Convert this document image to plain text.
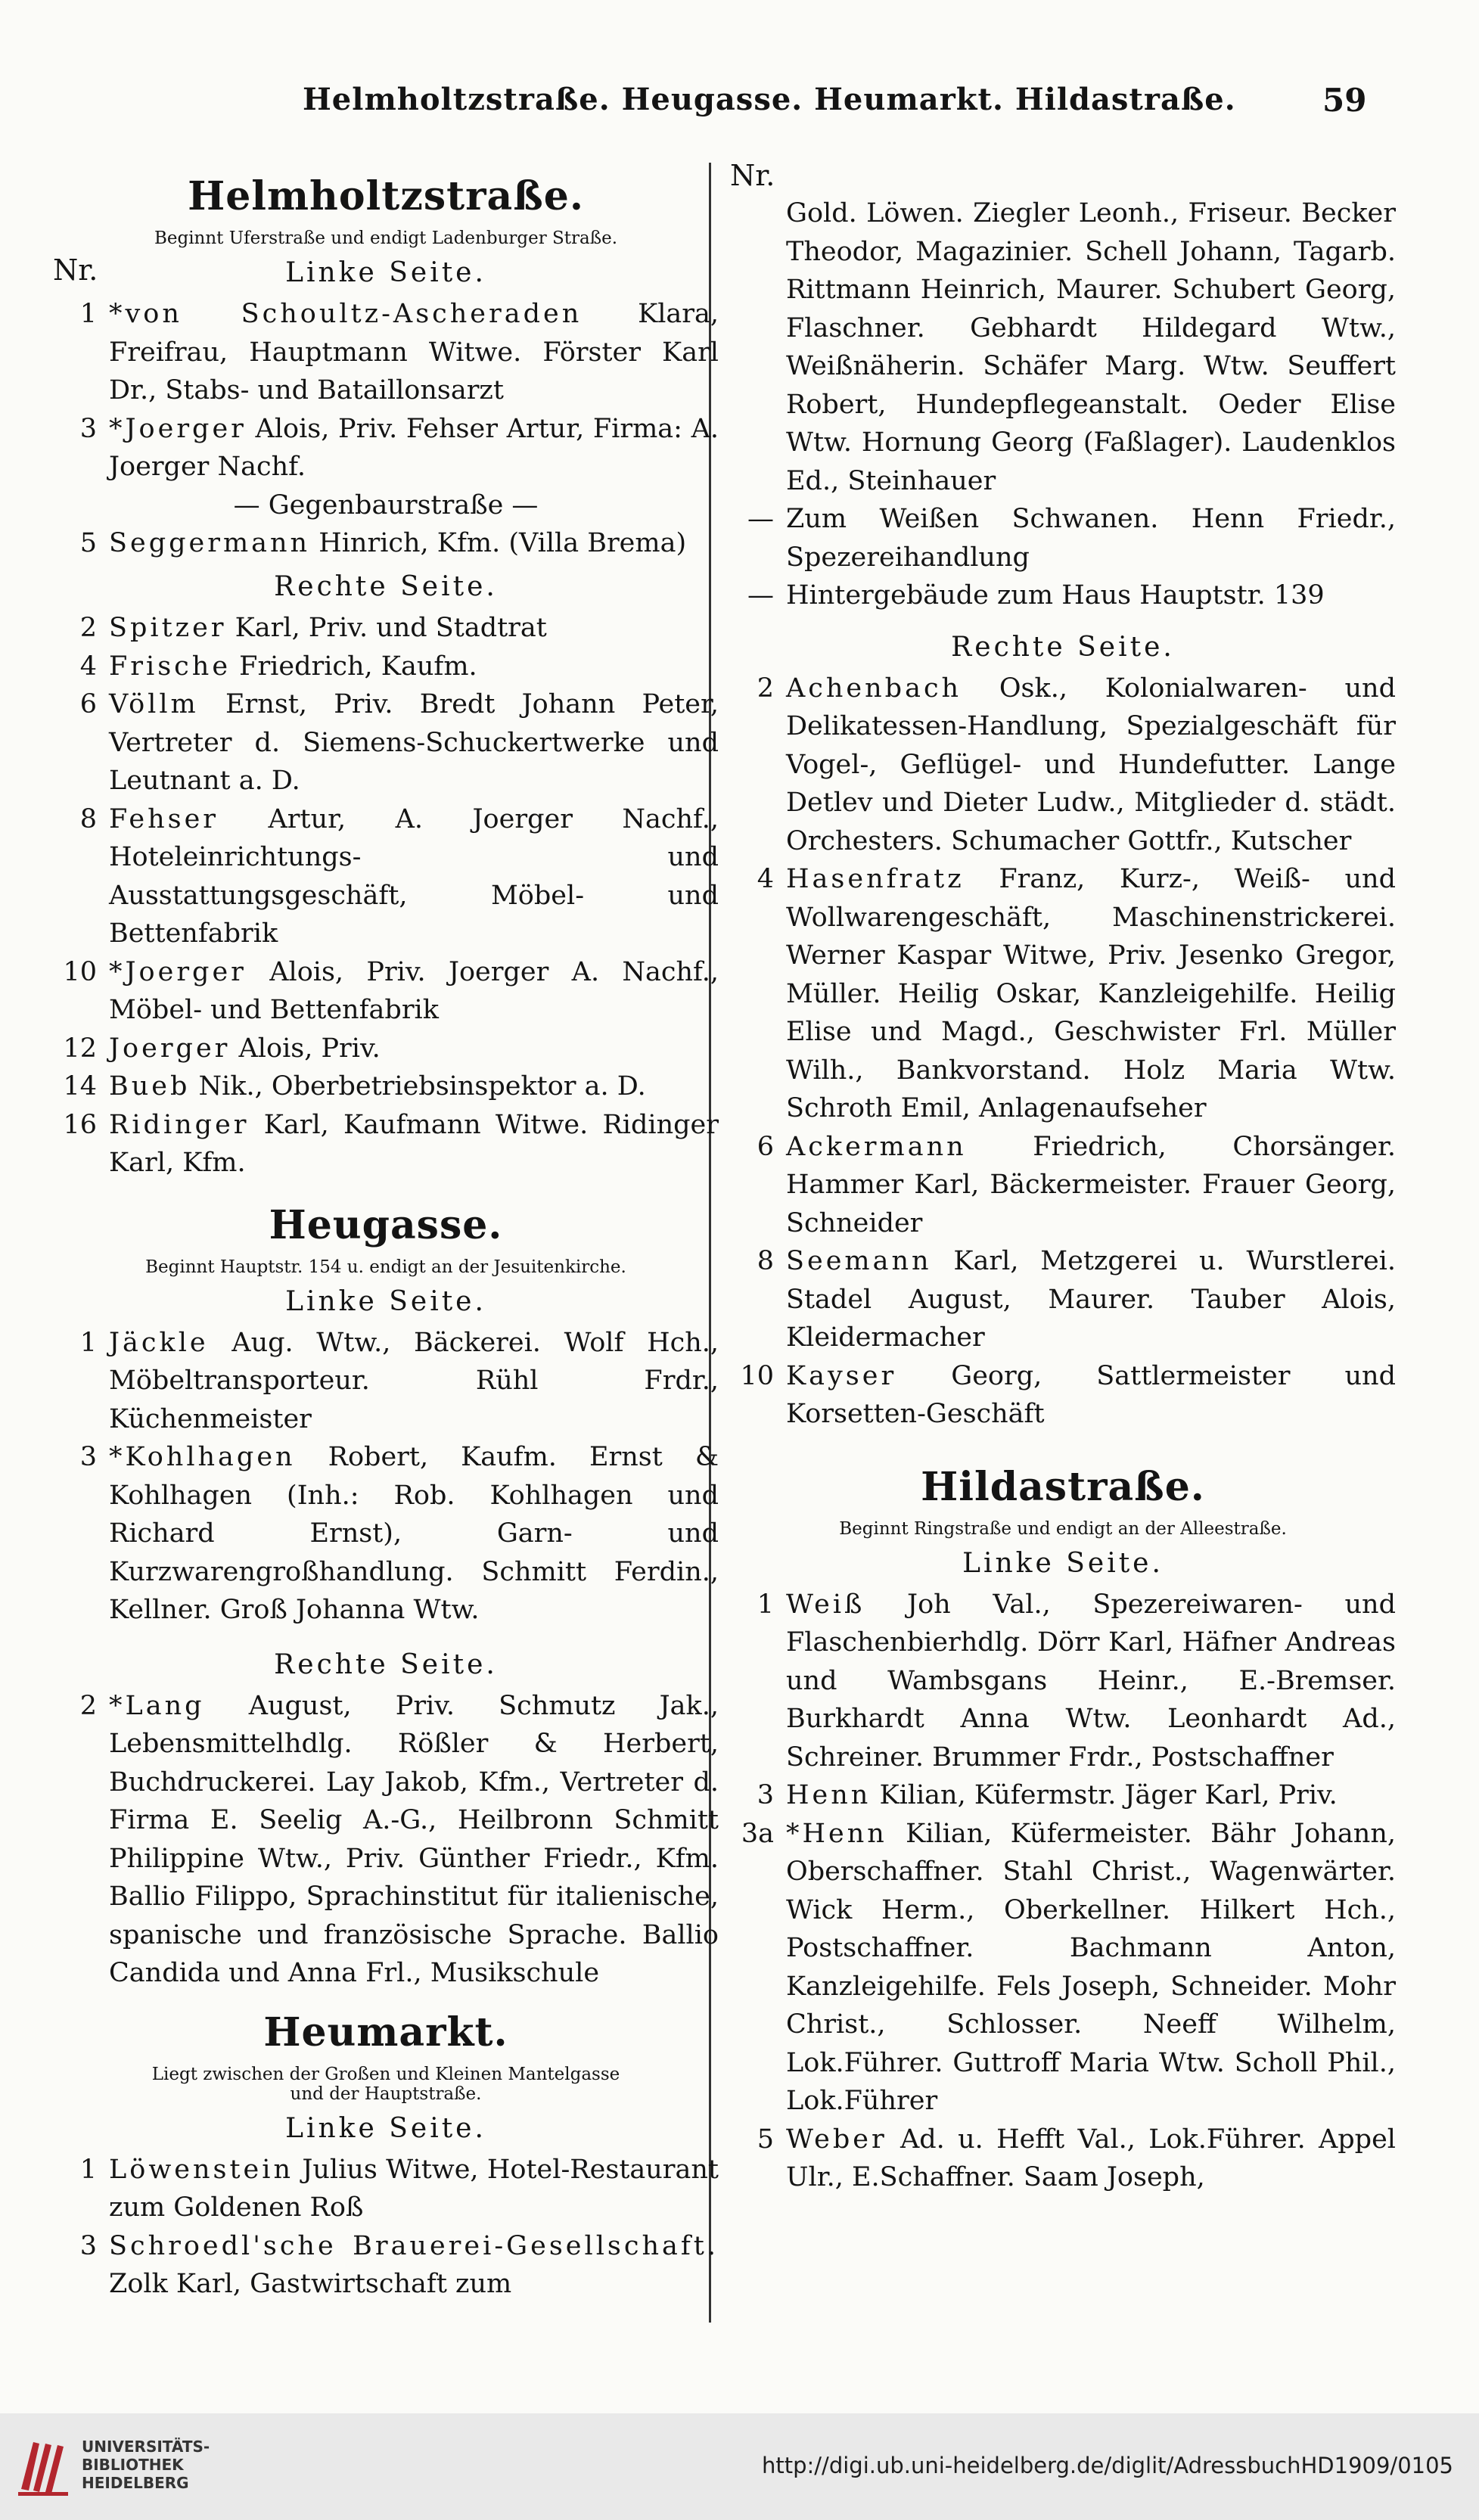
Helmholtzstraße. Heugasse. Heumarkt. Hildastraße.	59
Helmholtzstraße.
Beginnt Uferstraße und endigt Ladenburger Straße.
Nr.	Linke Seite.
1 *von Schoultz-Ascheraden Klara, Freifrau, Hauptmann Witwe. Förster Karl Dr., Stabs- und Bataillonsarzt
3 *Joerger Alois, Priv. Fehser Artur, Firma: A. Joerger Nachf.
— Gegenbaurstraße —
5 Seggermann Hinrich, Kfm. (Villa Brema)
Rechte Seite.
2 Spitzer Karl, Priv. und Stadtrat
4 Frische Friedrich, Kaufm.
6 Völlm Ernst, Priv. Bredt Johann Peter, Vertreter d. Siemens-Schuckertwerke und Leutnant a. D.
8 Fehser Artur, A. Joerger Nachf., Hoteleinrichtungs- und Ausstattungsgeschäft, Möbel- und Bettenfabrik
10 *Joerger Alois, Priv. Joerger A. Nachf., Möbel- und Bettenfabrik
12 Joerger Alois, Priv.
14 Bueb Nik., Oberbetriebsinspektor a. D.
16 Ridinger Karl, Kaufmann Witwe. Ridinger Karl, Kfm.
Heugasse.
Beginnt Hauptstr. 154 u. endigt an der Jesuitenkirche.
Linke Seite.
1 Jäckle Aug. Wtw., Bäckerei. Wolf Hch., Möbeltransporteur. Rühl Frdr., Küchenmeister
3 *Kohlhagen Robert, Kaufm. Ernst & Kohlhagen (Inh.: Rob. Kohlhagen und Richard Ernst), Garn- und Kurzwarengroßhandlung. Schmitt Ferdin., Kellner. Groß Johanna Wtw.
Rechte Seite.
2 *Lang August, Priv. Schmutz Jak., Lebensmittelhdlg. Rößler & Herbert, Buchdruckerei. Lay Jakob, Kfm., Vertreter d. Firma E. Seelig A.-G., Heilbronn Schmitt Philippine Wtw., Priv. Günther Friedr., Kfm. Ballio Filippo, Sprachinstitut für italienische, spanische und französische Sprache. Ballio Candida und Anna Frl., Musikschule
Heumarkt.
Liegt zwischen der Großen und Kleinen Mantelgasse
und der Hauptstraße.
Linke Seite.
1 Löwenstein Julius Witwe, Hotel-Restaurant zum Goldenen Roß
3 Schroedl'sche Brauerei-Gesellschaft. Zolk Karl, Gastwirtschaft zum
Nr.
Gold. Löwen. Ziegler Leonh., Friseur. Becker Theodor, Magazinier. Schell Johann, Tagarb. Rittmann Heinrich, Maurer. Schubert Georg, Flaschner. Gebhardt Hildegard Wtw., Weißnäherin. Schäfer Marg. Wtw. Seuffert Robert, Hundepflegeanstalt. Oeder Elise Wtw. Hornung Georg (Faßlager). Laudenklos Ed., Steinhauer
— Zum Weißen Schwanen. Henn Friedr., Spezereihandlung
— Hintergebäude zum Haus Hauptstr. 139
Rechte Seite.
2 Achenbach Osk., Kolonialwaren- und Delikatessen-Handlung, Spezialgeschäft für Vogel-, Geflügel- und Hundefutter. Lange Detlev und Dieter Ludw., Mitglieder d. städt. Orchesters. Schumacher Gottfr., Kutscher
4 Hasenfratz Franz, Kurz-, Weiß- und Wollwarengeschäft, Maschinenstrickerei. Werner Kaspar Witwe, Priv. Jesenko Gregor, Müller. Heilig Oskar, Kanzleigehilfe. Heilig Elise und Magd., Geschwister Frl. Müller Wilh., Bankvorstand. Holz Maria Wtw. Schroth Emil, Anlagenaufseher
6 Ackermann Friedrich, Chorsänger. Hammer Karl, Bäckermeister. Frauer Georg, Schneider
8 Seemann Karl, Metzgerei u. Wurstlerei. Stadel August, Maurer. Tauber Alois, Kleidermacher
10 Kayser Georg, Sattlermeister und Korsetten-Geschäft
Hildastraße.
Beginnt Ringstraße und endigt an der Alleestraße.
Linke Seite.
1 Weiß Joh Val., Spezereiwaren- und Flaschenbierhdlg. Dörr Karl, Häfner Andreas und Wambsgans Heinr., E.-Bremser. Burkhardt Anna Wtw. Leonhardt Ad., Schreiner. Brummer Frdr., Postschaffner
3 Henn Kilian, Küfermstr. Jäger Karl, Priv.
3a *Henn Kilian, Küfermeister. Bähr Johann, Oberschaffner. Stahl Christ., Wagenwärter. Wick Herm., Oberkellner. Hilkert Hch., Postschaffner. Bachmann Anton, Kanzleigehilfe. Fels Joseph, Schneider. Mohr Christ., Schlosser. Neeff Wilhelm, Lok.Führer. Guttroff Maria Wtw. Scholl Phil., Lok.Führer
5 Weber Ad. u. Hefft Val., Lok.Führer. Appel Ulr., E.Schaffner. Saam Joseph,
UNIVERSITÄTS-
BIBLIOTHEK
HEIDELBERG
http://digi.ub.uni-heidelberg.de/diglit/AdressbuchHD1909/0105
